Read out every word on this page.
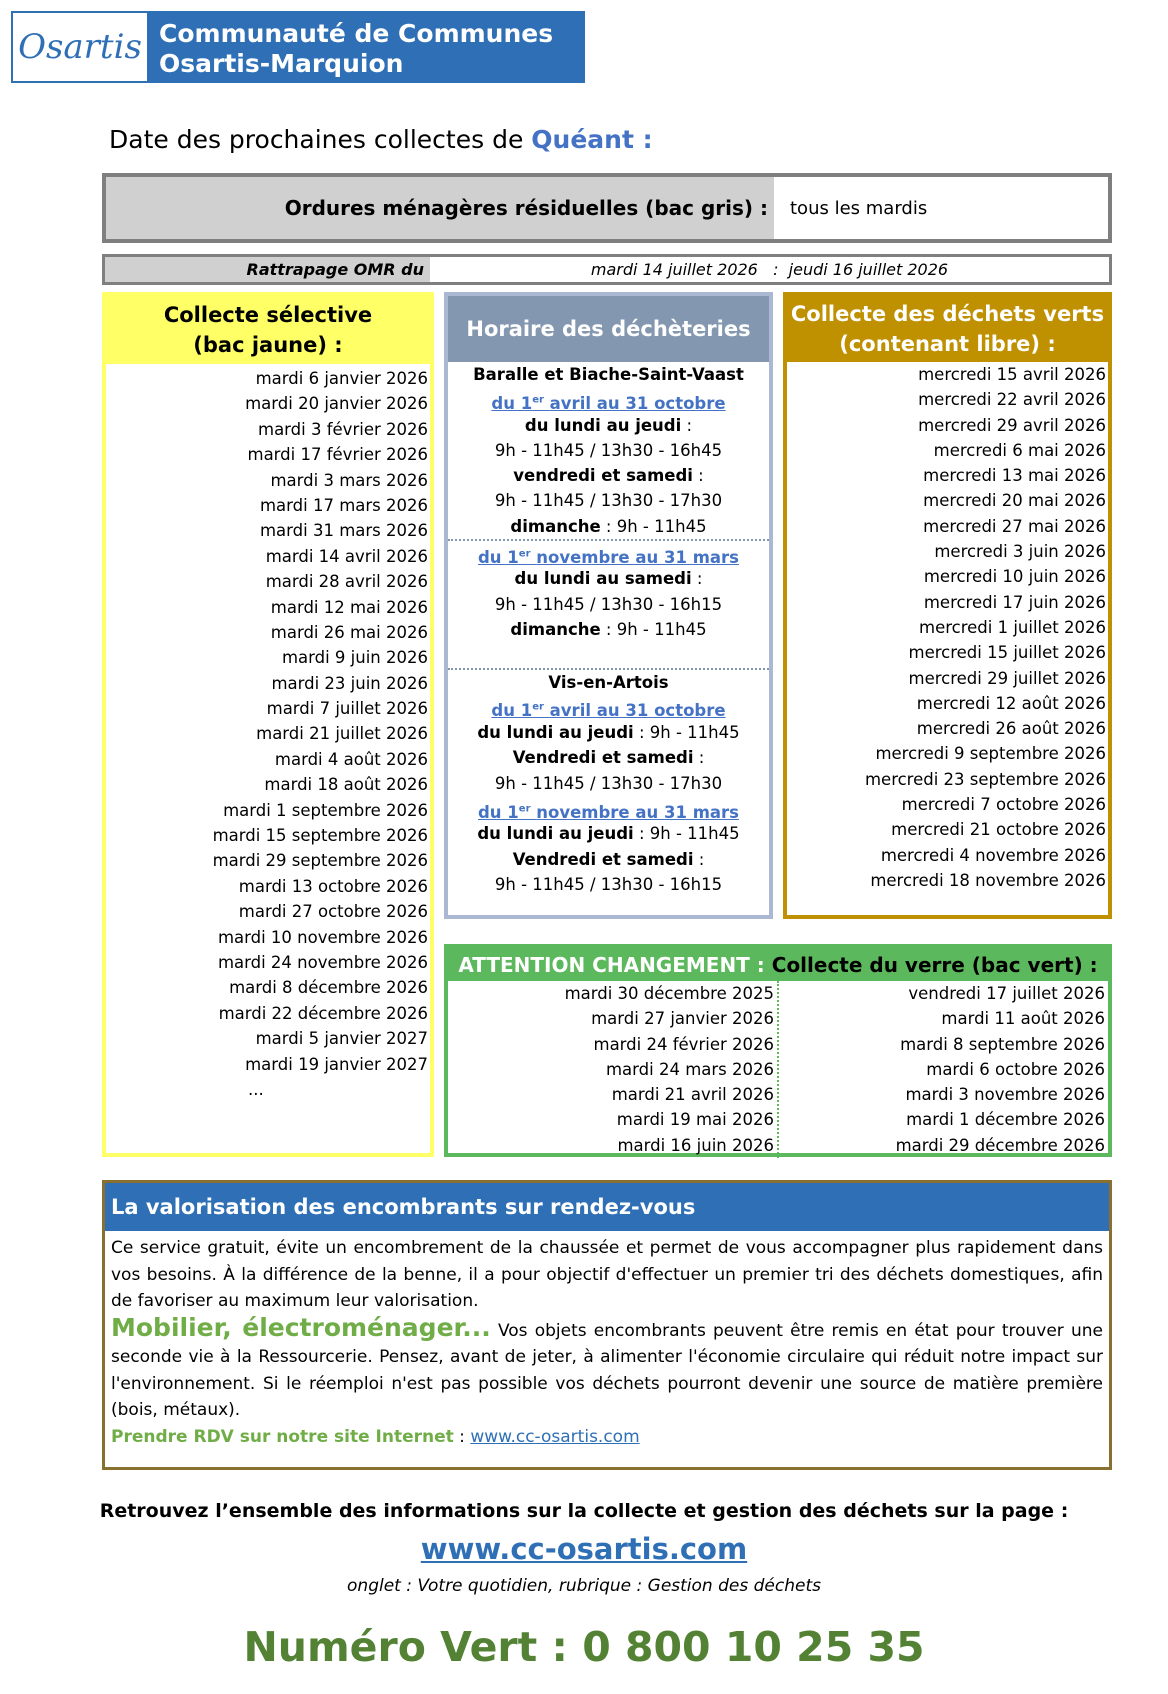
Osartis Communauté de Communes
Osartis-Marquion
Date des prochaines collectes de Quéant :
Ordures ménagères résiduelles (bac gris) :	tous les mardis
Rattrapage OMR du	mardi 14 juillet 2026   :  jeudi 16 juillet 2026
Collecte sélective
(bac jaune) :
mardi 6 janvier 2026
mardi 20 janvier 2026
mardi 3 février 2026
mardi 17 février 2026
mardi 3 mars 2026
mardi 17 mars 2026
mardi 31 mars 2026
mardi 14 avril 2026
mardi 28 avril 2026
mardi 12 mai 2026
mardi 26 mai 2026
mardi 9 juin 2026
mardi 23 juin 2026
mardi 7 juillet 2026
mardi 21 juillet 2026
mardi 4 août 2026
mardi 18 août 2026
mardi 1 septembre 2026
mardi 15 septembre 2026
mardi 29 septembre 2026
mardi 13 octobre 2026
mardi 27 octobre 2026
mardi 10 novembre 2026
mardi 24 novembre 2026
mardi 8 décembre 2026
mardi 22 décembre 2026
mardi 5 janvier 2027
mardi 19 janvier 2027
...
Horaire des déchèteries
Baralle et Biache-Saint-Vaast
du 1er avril au 31 octobre
du lundi au jeudi :
9h - 11h45 / 13h30 - 16h45
vendredi et samedi :
9h - 11h45 / 13h30 - 17h30
dimanche : 9h - 11h45
du 1er novembre au 31 mars
du lundi au samedi :
9h - 11h45 / 13h30 - 16h15
dimanche : 9h - 11h45
Vis-en-Artois
du 1er avril au 31 octobre
du lundi au jeudi : 9h - 11h45
Vendredi et samedi :
9h - 11h45 / 13h30 - 17h30
du 1er novembre au 31 mars
du lundi au jeudi : 9h - 11h45
Vendredi et samedi :
9h - 11h45 / 13h30 - 16h15
Collecte des déchets verts
(contenant libre) :
mercredi 15 avril 2026
mercredi 22 avril 2026
mercredi 29 avril 2026
mercredi 6 mai 2026
mercredi 13 mai 2026
mercredi 20 mai 2026
mercredi 27 mai 2026
mercredi 3 juin 2026
mercredi 10 juin 2026
mercredi 17 juin 2026
mercredi 1 juillet 2026
mercredi 15 juillet 2026
mercredi 29 juillet 2026
mercredi 12 août 2026
mercredi 26 août 2026
mercredi 9 septembre 2026
mercredi 23 septembre 2026
mercredi 7 octobre 2026
mercredi 21 octobre 2026
mercredi 4 novembre 2026
mercredi 18 novembre 2026
ATTENTION CHANGEMENT : Collecte du verre (bac vert) :
mardi 30 décembre 2025
mardi 27 janvier 2026
mardi 24 février 2026
mardi 24 mars 2026
mardi 21 avril 2026
mardi 19 mai 2026
mardi 16 juin 2026
vendredi 17 juillet 2026
mardi 11 août 2026
mardi 8 septembre 2026
mardi 6 octobre 2026
mardi 3 novembre 2026
mardi 1 décembre 2026
mardi 29 décembre 2026
La valorisation des encombrants sur rendez-vous
Ce service gratuit, évite un encombrement de la chaussée et permet de vous accompagner plus rapidement dans vos besoins. À la différence de la benne, il a pour objectif d'effectuer un premier tri des déchets domestiques, afin de favoriser au maximum leur valorisation.
Mobilier, électroménager... Vos objets encombrants peuvent être remis en état pour trouver une seconde vie à la Ressourcerie. Pensez, avant de jeter, à alimenter l'économie circulaire qui réduit notre impact sur l'environnement. Si le réemploi n'est pas possible vos déchets pourront devenir une source de matière première (bois, métaux).
Prendre RDV sur notre site Internet : www.cc-osartis.com
Retrouvez l’ensemble des informations sur la collecte et gestion des déchets sur la page :
www.cc-osartis.com
onglet : Votre quotidien, rubrique : Gestion des déchets
Numéro Vert : 0 800 10 25 35
